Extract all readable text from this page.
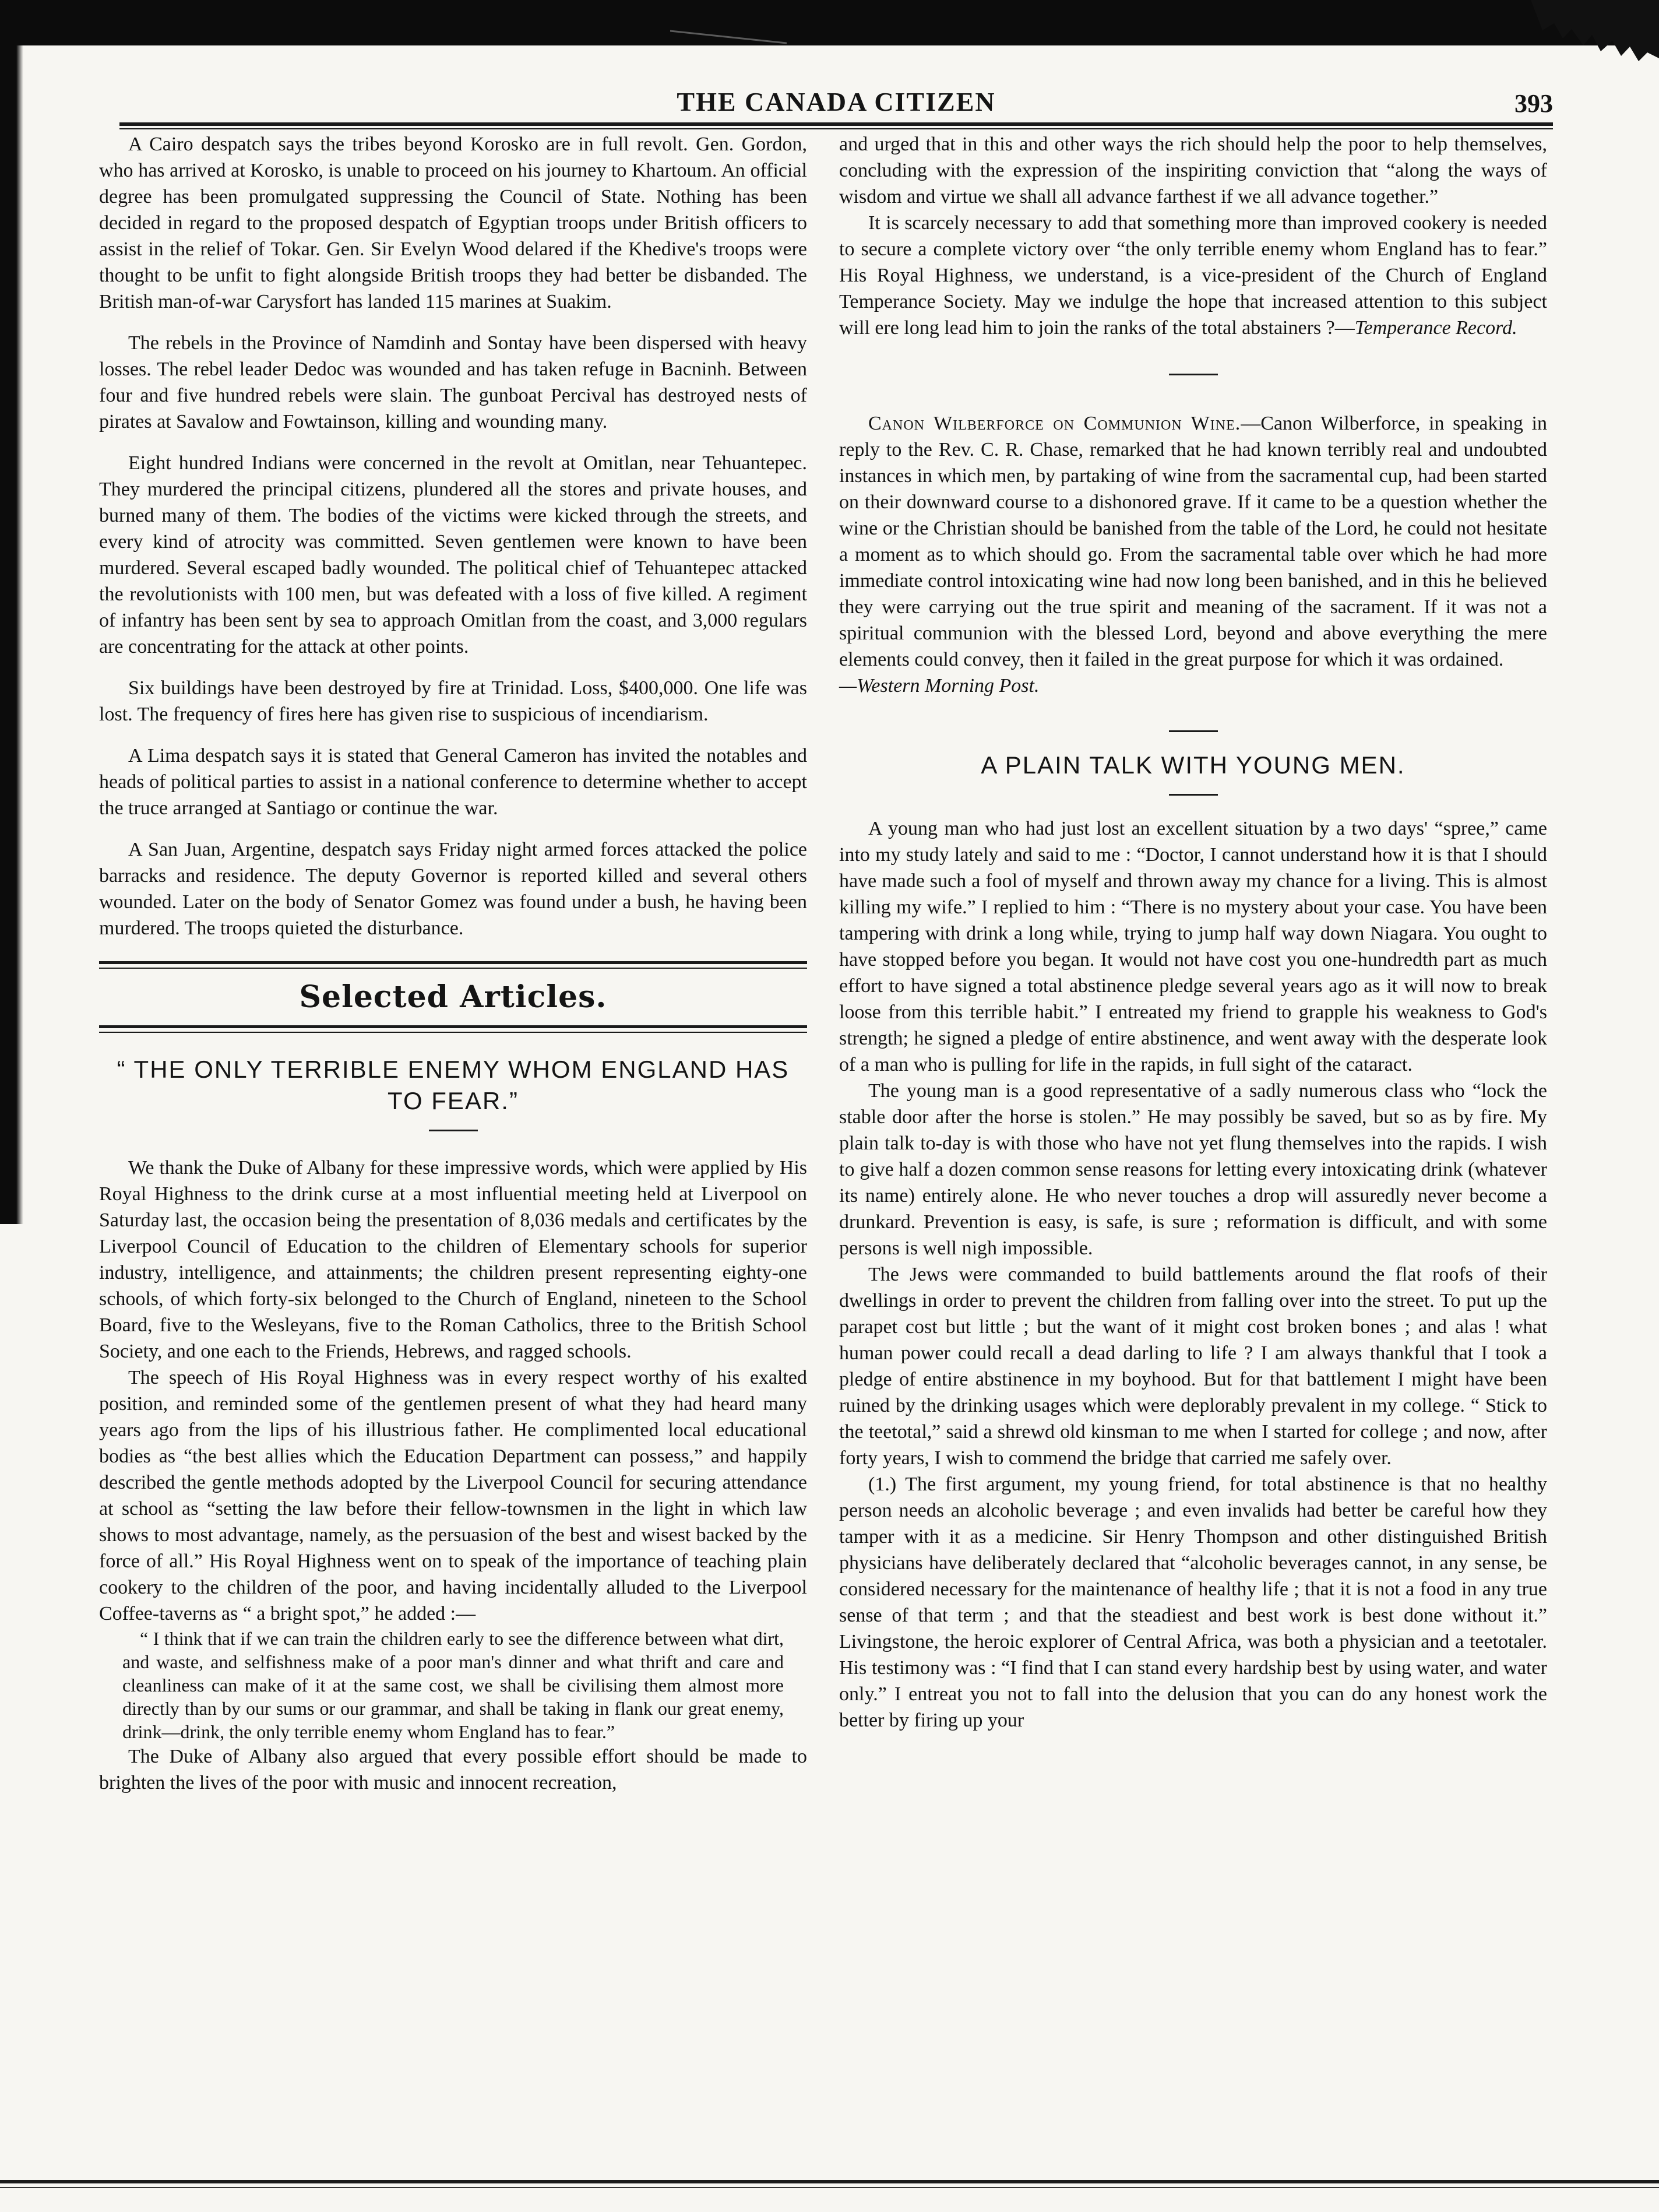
THE CANADA CITIZEN	393

A Cairo despatch says the tribes beyond Korosko are in full revolt. Gen. Gordon, who has arrived at Korosko, is unable to proceed on his journey to Khartoum. An official degree has been promulgated suppressing the Council of State. Nothing has been decided in regard to the proposed despatch of Egyptian troops under British officers to assist in the relief of Tokar. Gen. Sir Evelyn Wood delared if the Khedive's troops were thought to be unfit to fight alongside British troops they had better be disbanded. The British man-of-war Carysfort has landed 115 marines at Suakim.

The rebels in the Province of Namdinh and Sontay have been dispersed with heavy losses. The rebel leader Dedoc was wounded and has taken refuge in Bacninh. Between four and five hundred rebels were slain. The gunboat Percival has destroyed nests of pirates at Savalow and Fowtainson, killing and wounding many.

Eight hundred Indians were concerned in the revolt at Omitlan, near Tehuantepec. They murdered the principal citizens, plundered all the stores and private houses, and burned many of them. The bodies of the victims were kicked through the streets, and every kind of atrocity was committed. Seven gentlemen were known to have been murdered. Several escaped badly wounded. The political chief of Tehuantepec attacked the revolutionists with 100 men, but was defeated with a loss of five killed. A regiment of infantry has been sent by sea to approach Omitlan from the coast, and 3,000 regulars are concentrating for the attack at other points.

Six buildings have been destroyed by fire at Trinidad. Loss, $400,000. One life was lost. The frequency of fires here has given rise to suspicious of incendiarism.

A Lima despatch says it is stated that General Cameron has invited the notables and heads of political parties to assist in a national conference to determine whether to accept the truce arranged at Santiago or continue the war.

A San Juan, Argentine, despatch says Friday night armed forces attacked the police barracks and residence. The deputy Governor is reported killed and several others wounded. Later on the body of Senator Gomez was found under a bush, he having been murdered. The troops quieted the disturbance.

Selected Articles.
“ THE ONLY TERRIBLE ENEMY WHOM ENGLAND HAS TO FEAR.”

We thank the Duke of Albany for these impressive words, which were applied by His Royal Highness to the drink curse at a most influential meeting held at Liverpool on Saturday last, the occasion being the presentation of 8,036 medals and certificates by the Liverpool Council of Education to the children of Elementary schools for superior industry, intelligence, and attainments; the children present representing eighty-one schools, of which forty-six belonged to the Church of England, nineteen to the School Board, five to the Wesleyans, five to the Roman Catholics, three to the British School Society, and one each to the Friends, Hebrews, and ragged schools.

The speech of His Royal Highness was in every respect worthy of his exalted position, and reminded some of the gentlemen present of what they had heard many years ago from the lips of his illustrious father. He complimented local educational bodies as “the best allies which the Education Department can possess,” and happily described the gentle methods adopted by the Liverpool Council for securing attendance at school as “setting the law before their fellow-townsmen in the light in which law shows to most advantage, namely, as the persuasion of the best and wisest backed by the force of all.” His Royal Highness went on to speak of the importance of teaching plain cookery to the children of the poor, and having incidentally alluded to the Liverpool Coffee-taverns as “ a bright spot,” he added :—

“ I think that if we can train the children early to see the difference between what dirt, and waste, and selfishness make of a poor man's dinner and what thrift and care and cleanliness can make of it at the same cost, we shall be civilising them almost more directly than by our sums or our grammar, and shall be taking in flank our great enemy, drink—drink, the only terrible enemy whom England has to fear.”

The Duke of Albany also argued that every possible effort should be made to brighten the lives of the poor with music and innocent recreation,

and urged that in this and other ways the rich should help the poor to help themselves, concluding with the expression of the inspiriting conviction that “along the ways of wisdom and virtue we shall all advance farthest if we all advance together.”

It is scarcely necessary to add that something more than improved cookery is needed to secure a complete victory over “the only terrible enemy whom England has to fear.” His Royal Highness, we understand, is a vice-president of the Church of England Temperance Society. May we indulge the hope that increased attention to this subject will ere long lead him to join the ranks of the total abstainers ?—Temperance Record.

Canon Wilberforce on Communion Wine.—Canon Wilberforce, in speaking in reply to the Rev. C. R. Chase, remarked that he had known terribly real and undoubted instances in which men, by partaking of wine from the sacramental cup, had been started on their downward course to a dishonored grave. If it came to be a question whether the wine or the Christian should be banished from the table of the Lord, he could not hesitate a moment as to which should go. From the sacramental table over which he had more immediate control intoxicating wine had now long been banished, and in this he believed they were carrying out the true spirit and meaning of the sacrament. If it was not a spiritual communion with the blessed Lord, beyond and above everything the mere elements could convey, then it failed in the great purpose for which it was ordained.

—Western Morning Post.

A PLAIN TALK WITH YOUNG MEN.

A young man who had just lost an excellent situation by a two days' “spree,” came into my study lately and said to me : “Doctor, I cannot understand how it is that I should have made such a fool of myself and thrown away my chance for a living. This is almost killing my wife.” I replied to him : “There is no mystery about your case. You have been tampering with drink a long while, trying to jump half way down Niagara. You ought to have stopped before you began. It would not have cost you one-hundredth part as much effort to have signed a total abstinence pledge several years ago as it will now to break loose from this terrible habit.” I entreated my friend to grapple his weakness to God's strength; he signed a pledge of entire abstinence, and went away with the desperate look of a man who is pulling for life in the rapids, in full sight of the cataract.

The young man is a good representative of a sadly numerous class who “lock the stable door after the horse is stolen.” He may possibly be saved, but so as by fire. My plain talk to-day is with those who have not yet flung themselves into the rapids. I wish to give half a dozen common sense reasons for letting every intoxicating drink (whatever its name) entirely alone. He who never touches a drop will assuredly never become a drunkard. Prevention is easy, is safe, is sure ; reformation is difficult, and with some persons is well nigh impossible.

The Jews were commanded to build battlements around the flat roofs of their dwellings in order to prevent the children from falling over into the street. To put up the parapet cost but little ; but the want of it might cost broken bones ; and alas ! what human power could recall a dead darling to life ? I am always thankful that I took a pledge of entire abstinence in my boyhood. But for that battlement I might have been ruined by the drinking usages which were deplorably prevalent in my college. “ Stick to the teetotal,” said a shrewd old kinsman to me when I started for college ; and now, after forty years, I wish to commend the bridge that carried me safely over.

(1.) The first argument, my young friend, for total abstinence is that no healthy person needs an alcoholic beverage ; and even invalids had better be careful how they tamper with it as a medicine. Sir Henry Thompson and other distinguished British physicians have deliberately declared that “alcoholic beverages cannot, in any sense, be considered necessary for the maintenance of healthy life ; that it is not a food in any true sense of that term ; and that the steadiest and best work is best done without it.” Livingstone, the heroic explorer of Central Africa, was both a physician and a teetotaler. His testimony was : “I find that I can stand every hardship best by using water, and water only.” I entreat you not to fall into the delusion that you can do any honest work the better by firing up your
